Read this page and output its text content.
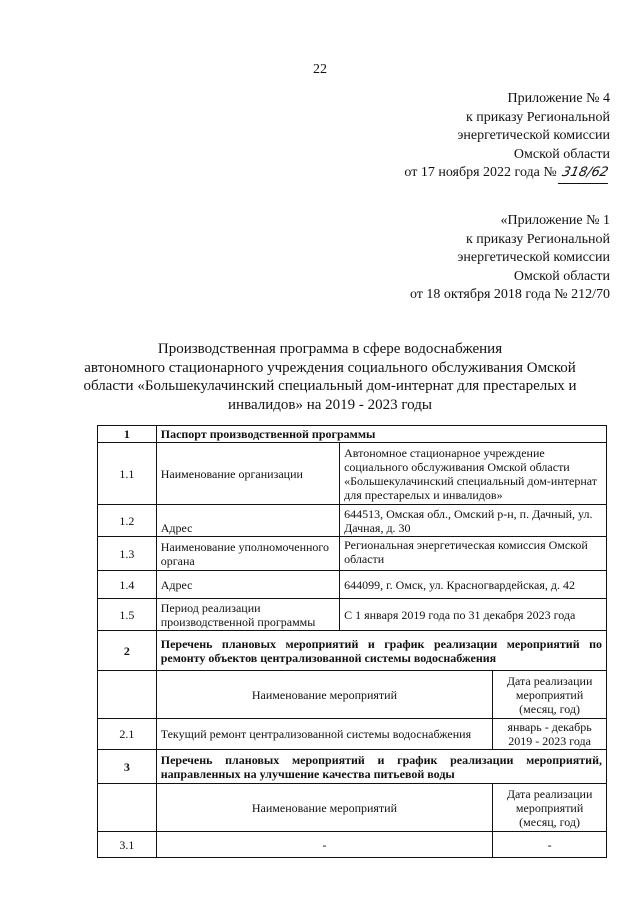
22
Приложение № 4
к приказу Региональной
энергетической комиссии
Омской области
от 17 ноября 2022 года № 318/62
«Приложение № 1
к приказу Региональной
энергетической комиссии
Омской области
от 18 октября 2018 года № 212/70
Производственная программа в сфере водоснабжения
автономного стационарного учреждения социального обслуживания Омской
области «Большекулачинский специальный дом-интернат для престарелых и
инвалидов» на 2019 - 2023 годы
1	Паспорт производственной программы		
1.1	Наименование организации	Автономное стационарное учреждение социального обслуживания Омской области «Большекулачинский специальный дом-интернат для престарелых и инвалидов»	
1.2	Адрес	644513, Омская обл., Омский р-н, п. Дачный, ул. Дачная, д. 30	
1.3	Наименование уполномоченного органа	Региональная энергетическая комиссия Омской области	
1.4	Адрес	644099, г. Омск, ул. Красногвардейская, д. 42	
1.5	Период реализации производственной программы	С 1 января 2019 года по 31 декабря 2023 года	
2	Перечень плановых мероприятий и график реализации мероприятий по ремонту объектов централизованной системы водоснабжения		
	Наименование мероприятий		Дата реализации мероприятий (месяц, год)
2.1	Текущий ремонт централизованной системы водоснабжения		январь - декабрь 2019 - 2023 года
3	Перечень плановых мероприятий и график реализации мероприятий, направленных на улучшение качества питьевой воды		
	Наименование мероприятий		Дата реализации мероприятий (месяц, год)
3.1	-		-
